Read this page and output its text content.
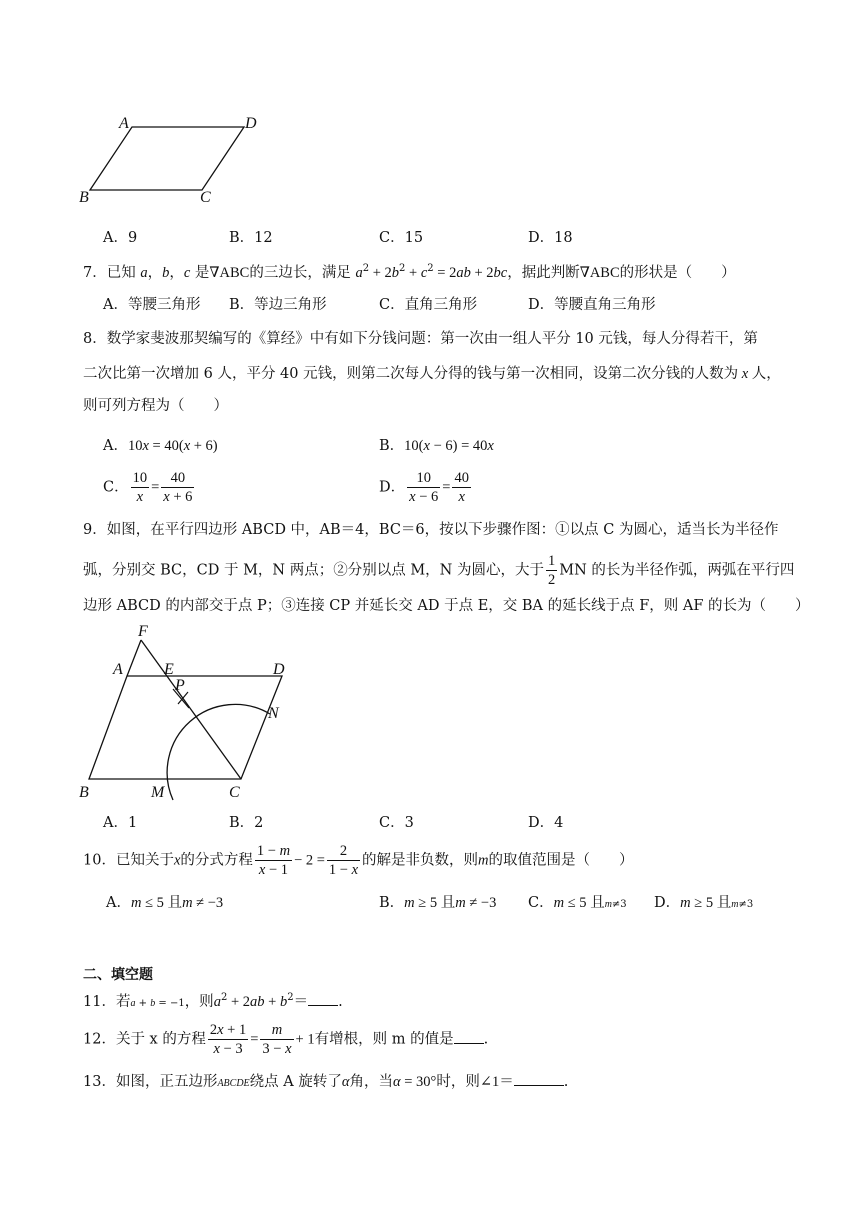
A	D
B	C
A．9	B．12	C．15	D．18
7．已知 a，b，c 是∇ABC的三边长，满足 $a^2 + 2b^2 + c^2 = 2ab + 2bc$，据此判断∇ABC的形状是（　　）
A．等腰三角形 B．等边三角形	C．直角三角形	D．等腰直角三角形
8．数学家斐波那契编写的《算经》中有如下分钱问题：第一次由一组人平分 10 元钱，每人分得若干，第
二次比第一次增加 6 人，平分 40 元钱，则第二次每人分得的钱与第一次相同，设第二次分钱的人数为 x 人，
则可列方程为（　　）
A．10x = 40(x + 6)	B．10(x − 6) = 40x
C． $\frac{10}{x} = \frac{40}{x + 6}$	D． $\frac{10}{x - 6} = \frac{40}{x}$
9．如图，在平行四边形 ABCD 中，AB＝4，BC＝6，按以下步骤作图：①以点 C 为圆心，适当长为半径作
弧，分别交 BC，CD 于 M，N 两点；②分别以点 M，N 为圆心，大于 $\frac{1}{2}$ MN 的长为半径作弧，两弧在平行四
边形 ABCD 的内部交于点 P；③连接 CP 并延长交 AD 于点 E，交 BA 的延长线于点 F，则 AF 的长为（　　）
F
A	E	D
P
N
B	M	C
A．1	B．2	C．3	D．4
10．已知关于x的分式方程 $\frac{1 - m}{x - 1} - 2 = \frac{2}{1 - x}$ 的解是非负数，则m的取值范围是（　　）
A．m ≤ 5 且m ≠ −3	B．m ≥ 5 且m ≠ −3 C．m ≤ 5 且m≠3 D．m ≥ 5 且m≠3
二、填空题
11．若a + b = −1，则$a^2 + 2ab + b^2=$ .
12．关于 x 的方程 $\frac{2x + 1}{x - 3} = \frac{m}{3 - x} + 1$有增根，则 m 的值是 .
13．如图，正五边形ABCDE绕点 A 旋转了α角，当α = 30°时，则∠1＝	.
